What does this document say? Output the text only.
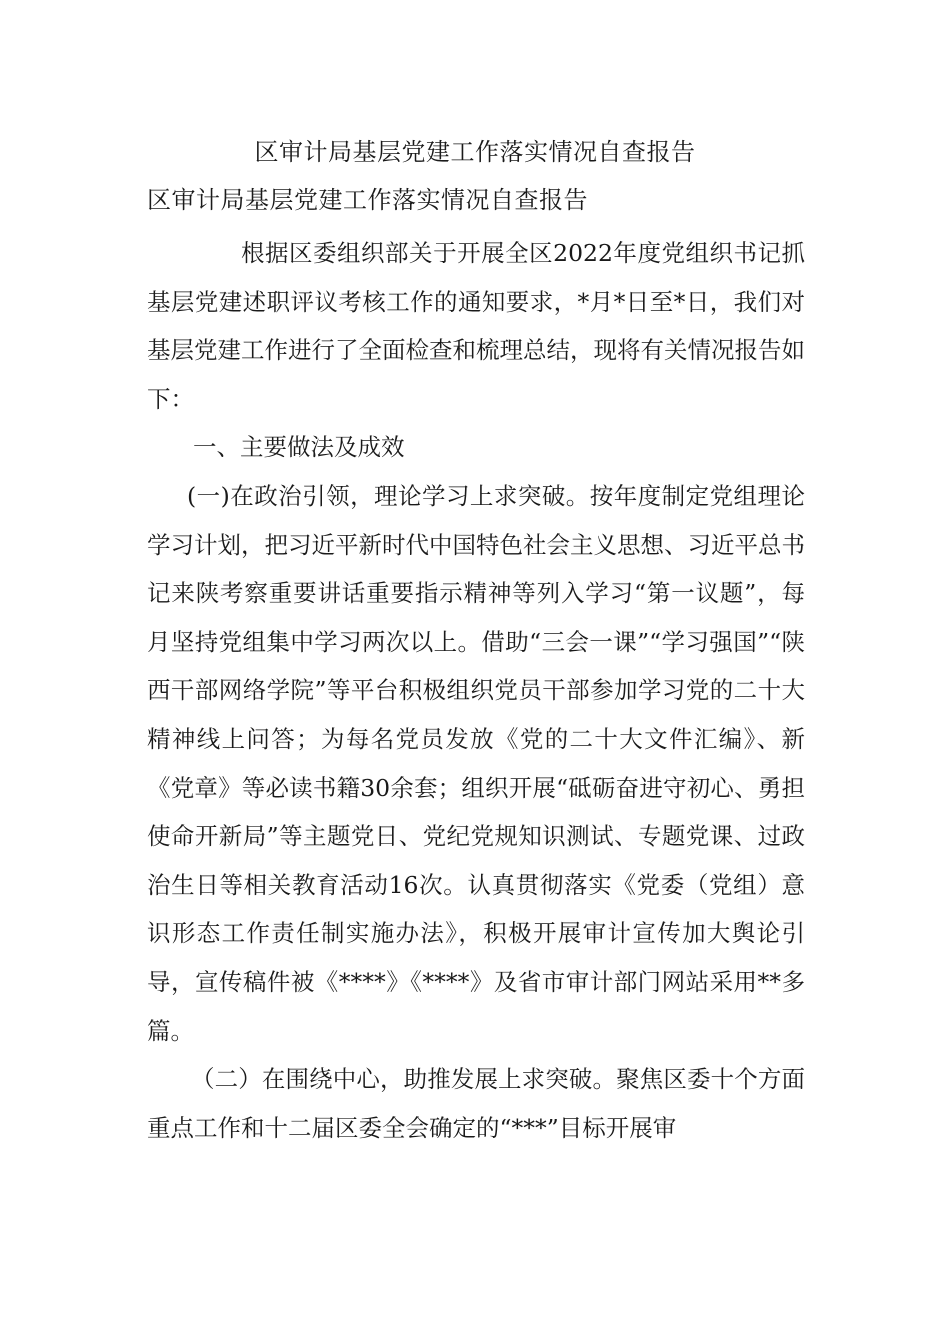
区审计局基层党建工作落实情况自查报告
区审计局基层党建工作落实情况自查报告

根据区委组织部关于开展全区2022年度党组织书记抓基层党建述职评议考核工作的通知要求，*月*日至*日，我们对基层党建工作进行了全面检查和梳理总结，现将有关情况报告如下：

一、主要做法及成效

(一)在政治引领，理论学习上求突破。按年度制定党组理论学习计划，把习近平新时代中国特色社会主义思想、习近平总书记来陕考察重要讲话重要指示精神等列入学习“第一议题”，每月坚持党组集中学习两次以上。借助“三会一课”“学习强国”“陕西干部网络学院”等平台积极组织党员干部参加学习党的二十大精神线上问答；为每名党员发放《党的二十大文件汇编》、新《党章》等必读书籍30余套；组织开展“砥砺奋进守初心、勇担使命开新局”等主题党日、党纪党规知识测试、专题党课、过政治生日等相关教育活动16次。认真贯彻落实《党委（党组）意识形态工作责任制实施办法》，积极开展审计宣传加大舆论引导，宣传稿件被《****》《****》及省市审计部门网站采用**多篇。

（二）在围绕中心，助推发展上求突破。聚焦区委十个方面重点工作和十二届区委全会确定的“***”目标开展审
